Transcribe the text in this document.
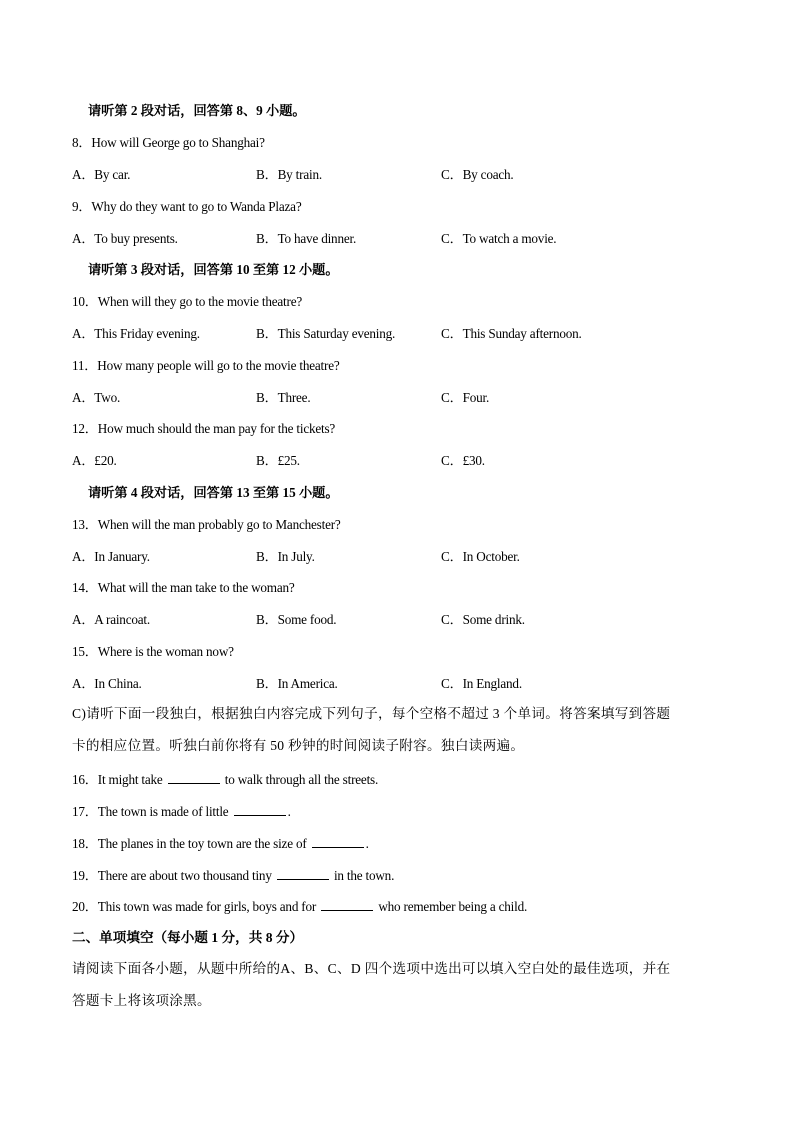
请听第 2 段对话，回答第 8、9 小题。
8．How will George go to Shanghai?
A．By car.	B．By train.	C．By coach.
9．Why do they want to go to Wanda Plaza?
A．To buy presents.	B．To have dinner.	C．To watch a movie.
请听第 3 段对话，回答第 10 至第 12 小题。
10．When will they go to the movie theatre?
A．This Friday evening.	B．This Saturday evening.	C．This Sunday afternoon.
11．How many people will go to the movie theatre?
A．Two.	B．Three.	C．Four.
12．How much should the man pay for the tickets?
A．£20.	B．£25.	C．£30.
请听第 4 段对话，回答第 13 至第 15 小题。
13．When will the man probably go to Manchester?
A．In January.	B．In July.	C．In October.
14．What will the man take to the woman?
A．A raincoat.	B．Some food.	C．Some drink.
15．Where is the woman now?
A．In China.	B．In America.	C．In England.
C)请听下面一段独白，根据独白内容完成下列句子，每个空格不超过 3 个单词。将答案填写到答题卡的相应位置。听独白前你将有 50 秒钟的时间阅读子附容。独白读两遍。
16．It might take	to walk through all the streets.
17．The town is made of little	.
18．The planes in the toy town are the size of	.
19．There are about two thousand tiny	in the town.
20．This town was made for girls, boys and for	who remember being a child.
二、单项填空（每小题 1 分，共 8 分）
请阅读下面各小题，从题中所给的A、B、C、D 四个选项中选出可以填入空白处的最佳选项，并在答题卡上将该项涂黑。
